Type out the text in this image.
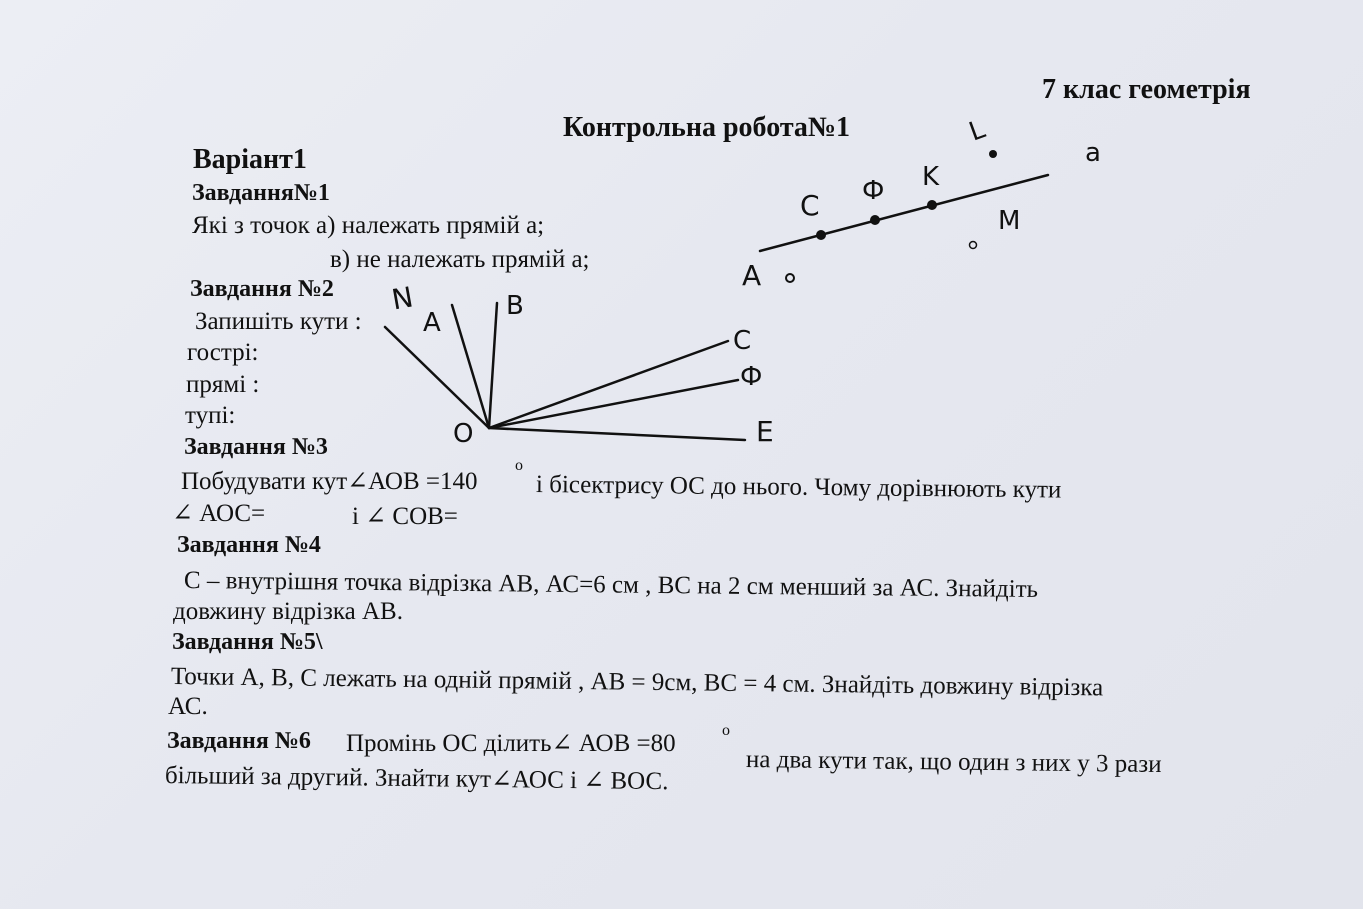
7 клас геометрія
Контрольна робота№1
Варіант1
Завдання№1
Які з точок а) належать прямій а;
в) не належать прямій а;
Завдання №2
Запишіть кути :
гострі:
прямі :
тупі:
Завдання №3
Побудувати кут∠АОВ =140
o
і бісектрису ОС до нього. Чому дорівнюють кути
∠ АОС=	і ∠ СОВ=
Завдання №4
С – внутрішня точка відрізка АВ, АС=6 см , ВС на 2 см менший за АС. Знайдіть
довжину відрізка АВ.
Завдання №5\
Точки А, В, С лежать на одній прямій , АВ = 9см, ВС = 4 см. Знайдіть довжину відрізка
АС.
Завдання №6 Промінь ОС ділить∠ АОВ =80	o
на два кути так, що один з них у 3 рази
більший за другий. Знайти кут∠АОС і ∠ ВОС.
C Ф K
L
a
M
A
N
A
B
C
Ф
O	E
